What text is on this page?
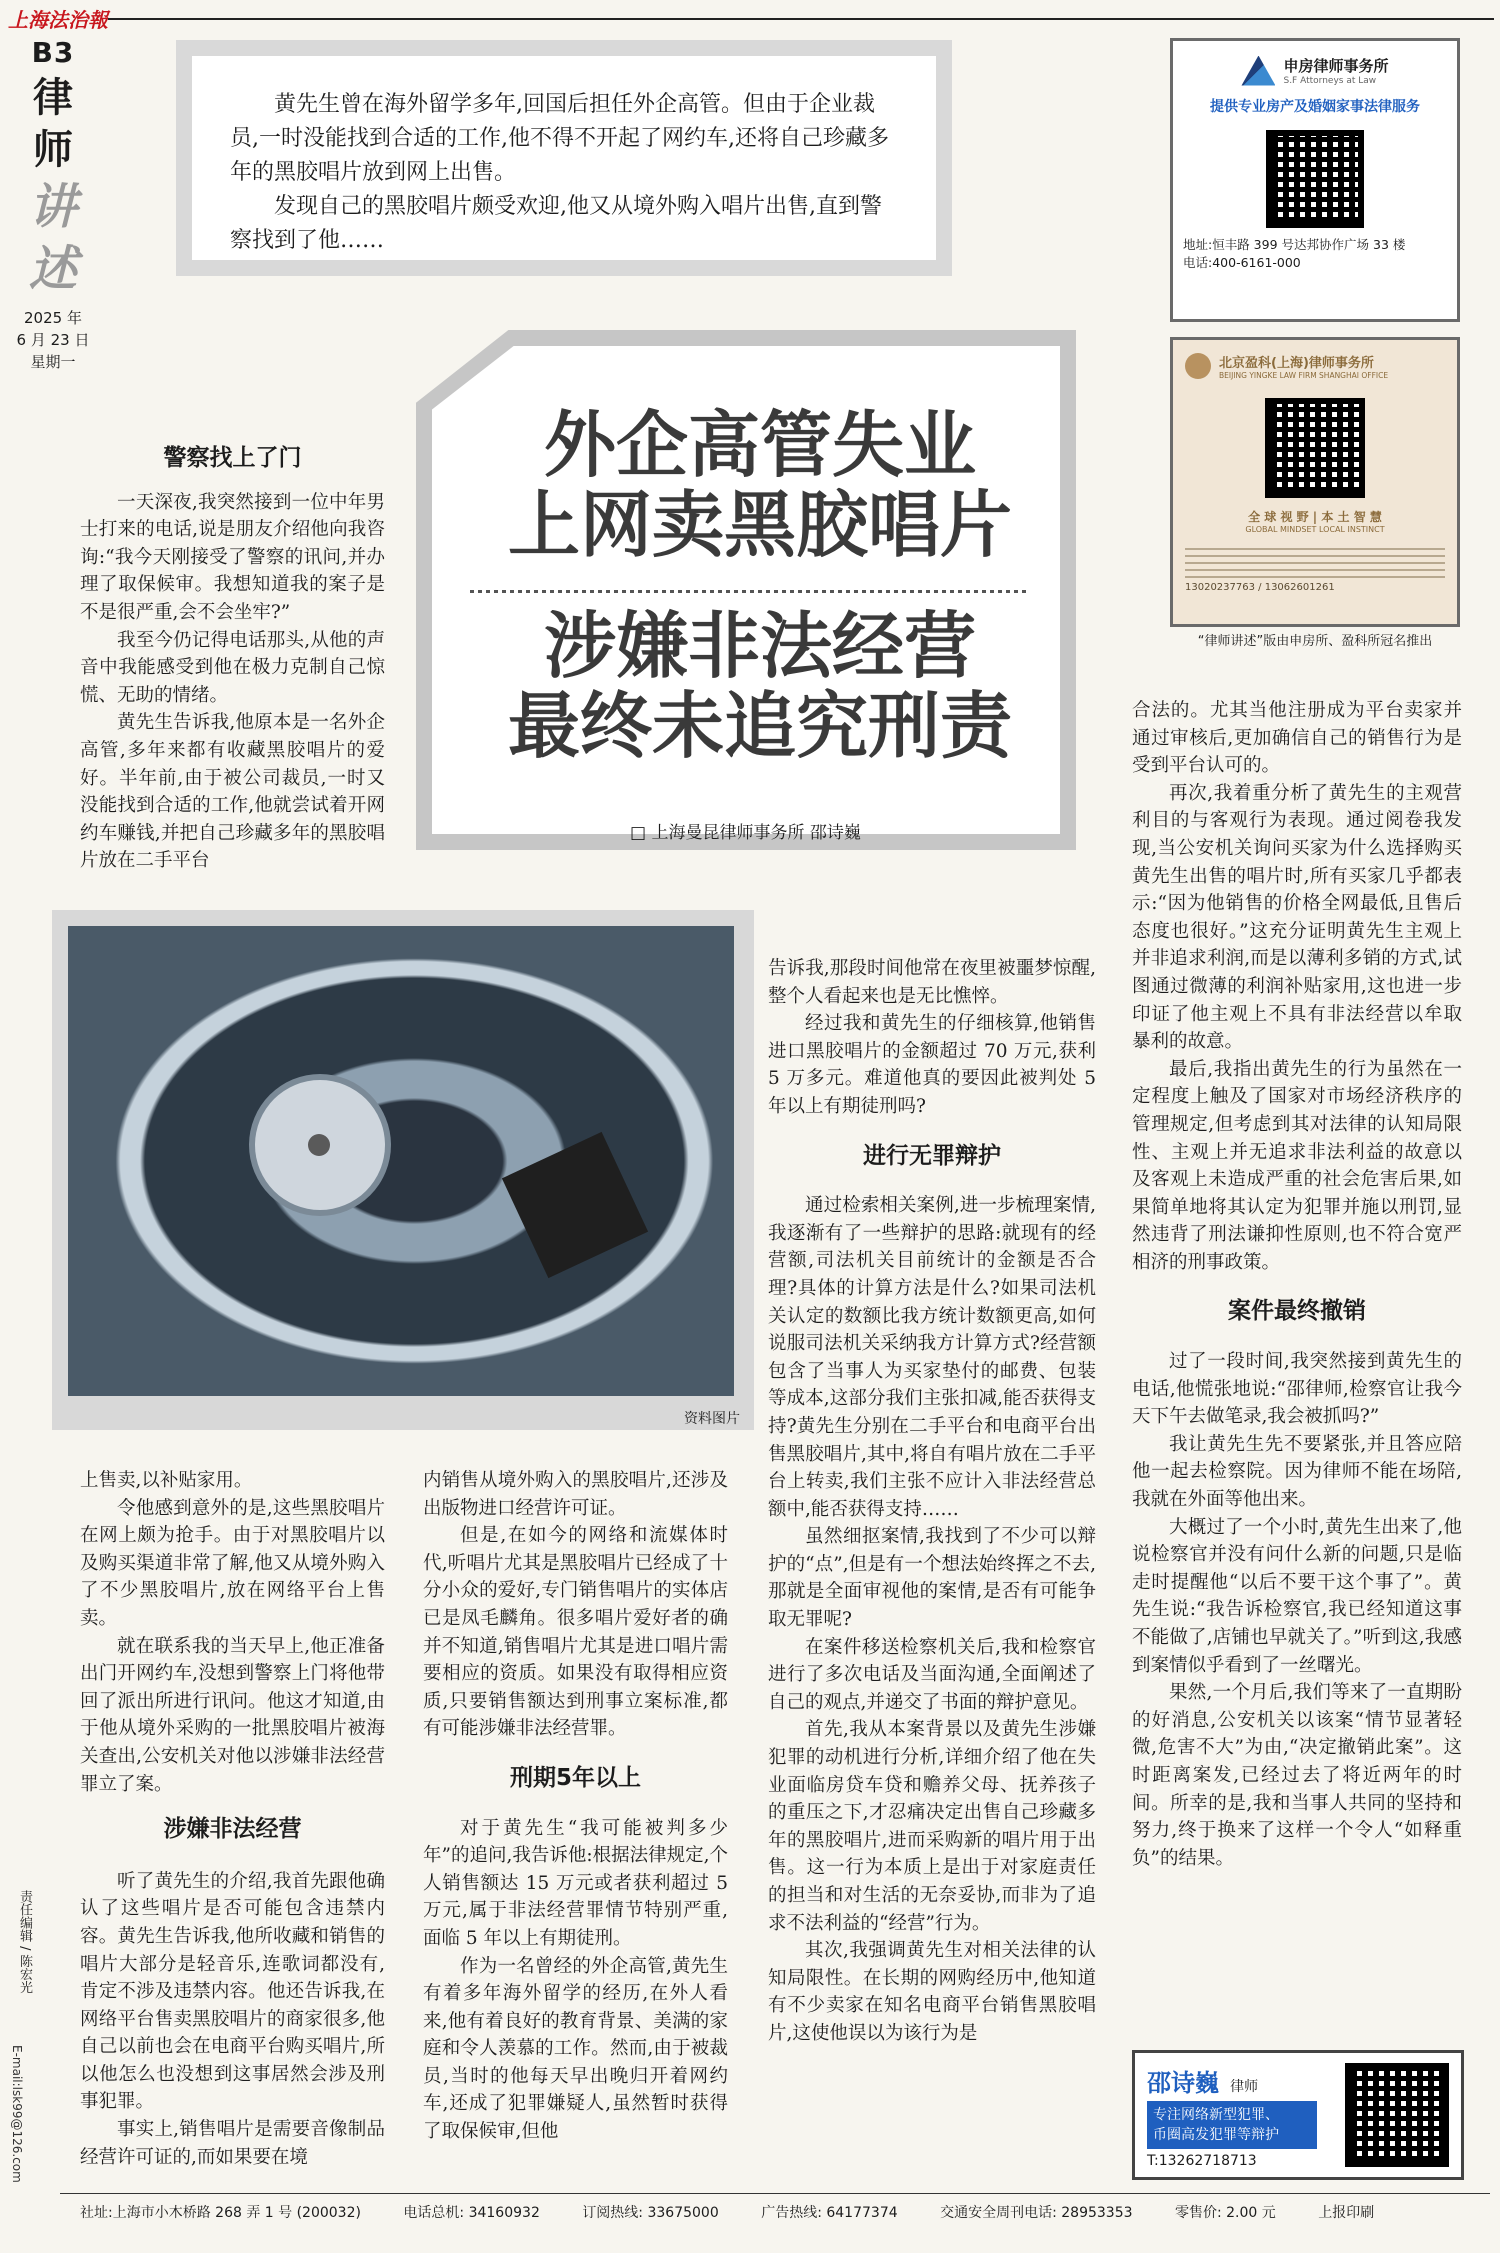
上海法治報
B3
律
师
讲
述
2025 年
6 月 23 日
星期一
责任编辑 / 陈宏光
E-mail:lsk99@126.com

黄先生曾在海外留学多年,回国后担任外企高管。但由于企业裁员,一时没能找到合适的工作,他不得不开起了网约车,还将自己珍藏多年的黑胶唱片放到网上出售。

发现自己的黑胶唱片颇受欢迎,他又从境外购入唱片出售,直到警察找到了他……

申房律师事务所
S.F Attorneys at Law
提供专业房产及婚姻家事法律服务
地址:恒丰路 399 号达邦协作广场 33 楼
电话:400-6161-000
北京盈科(上海)律师事务所
BEIJING YINGKE LAW FIRM SHANGHAI OFFICE
全 球 视 野 | 本 土 智 慧
GLOBAL MINDSET LOCAL INSTINCT
13020237763 / 13062601261
“律师讲述”版由申房所、盈科所冠名推出
外企高管失业
上网卖黑胶唱片
涉嫌非法经营
最终未追究刑责
□ 上海曼昆律师事务所 邵诗巍
资料图片
警察找上了门

一天深夜,我突然接到一位中年男士打来的电话,说是朋友介绍他向我咨询:“我今天刚接受了警察的讯问,并办理了取保候审。我想知道我的案子是不是很严重,会不会坐牢?”

我至今仍记得电话那头,从他的声音中我能感受到他在极力克制自己惊慌、无助的情绪。

黄先生告诉我,他原本是一名外企高管,多年来都有收藏黑胶唱片的爱好。半年前,由于被公司裁员,一时又没能找到合适的工作,他就尝试着开网约车赚钱,并把自己珍藏多年的黑胶唱片放在二手平台

上售卖,以补贴家用。

令他感到意外的是,这些黑胶唱片在网上颇为抢手。由于对黑胶唱片以及购买渠道非常了解,他又从境外购入了不少黑胶唱片,放在网络平台上售卖。

就在联系我的当天早上,他正准备出门开网约车,没想到警察上门将他带回了派出所进行讯问。他这才知道,由于他从境外采购的一批黑胶唱片被海关查出,公安机关对他以涉嫌非法经营罪立了案。

涉嫌非法经营

听了黄先生的介绍,我首先跟他确认了这些唱片是否可能包含违禁内容。黄先生告诉我,他所收藏和销售的唱片大部分是轻音乐,连歌词都没有,肯定不涉及违禁内容。他还告诉我,在网络平台售卖黑胶唱片的商家很多,他自己以前也会在电商平台购买唱片,所以他怎么也没想到这事居然会涉及刑事犯罪。

事实上,销售唱片是需要音像制品经营许可证的,而如果要在境

内销售从境外购入的黑胶唱片,还涉及出版物进口经营许可证。

但是,在如今的网络和流媒体时代,听唱片尤其是黑胶唱片已经成了十分小众的爱好,专门销售唱片的实体店已是凤毛麟角。很多唱片爱好者的确并不知道,销售唱片尤其是进口唱片需要相应的资质。如果没有取得相应资质,只要销售额达到刑事立案标准,都有可能涉嫌非法经营罪。

刑期5年以上

对于黄先生“我可能被判多少年”的追问,我告诉他:根据法律规定,个人销售额达 15 万元或者获利超过 5 万元,属于非法经营罪情节特别严重,面临 5 年以上有期徒刑。

作为一名曾经的外企高管,黄先生有着多年海外留学的经历,在外人看来,他有着良好的教育背景、美满的家庭和令人羡慕的工作。然而,由于被裁员,当时的他每天早出晚归开着网约车,还成了犯罪嫌疑人,虽然暂时获得了取保候审,但他

告诉我,那段时间他常在夜里被噩梦惊醒,整个人看起来也是无比憔悴。

经过我和黄先生的仔细核算,他销售进口黑胶唱片的金额超过 70 万元,获利 5 万多元。难道他真的要因此被判处 5 年以上有期徒刑吗?

进行无罪辩护

通过检索相关案例,进一步梳理案情,我逐渐有了一些辩护的思路:就现有的经营额,司法机关目前统计的金额是否合理?具体的计算方法是什么?如果司法机关认定的数额比我方统计数额更高,如何说服司法机关采纳我方计算方式?经营额包含了当事人为买家垫付的邮费、包装等成本,这部分我们主张扣减,能否获得支持?黄先生分别在二手平台和电商平台出售黑胶唱片,其中,将自有唱片放在二手平台上转卖,我们主张不应计入非法经营总额中,能否获得支持……

虽然细抠案情,我找到了不少可以辩护的“点”,但是有一个想法始终挥之不去,那就是全面审视他的案情,是否有可能争取无罪呢?

在案件移送检察机关后,我和检察官进行了多次电话及当面沟通,全面阐述了自己的观点,并递交了书面的辩护意见。

首先,我从本案背景以及黄先生涉嫌犯罪的动机进行分析,详细介绍了他在失业面临房贷车贷和赡养父母、抚养孩子的重压之下,才忍痛决定出售自己珍藏多年的黑胶唱片,进而采购新的唱片用于出售。这一行为本质上是出于对家庭责任的担当和对生活的无奈妥协,而非为了追求不法利益的“经营”行为。

其次,我强调黄先生对相关法律的认知局限性。在长期的网购经历中,他知道有不少卖家在知名电商平台销售黑胶唱片,这使他误以为该行为是

合法的。尤其当他注册成为平台卖家并通过审核后,更加确信自己的销售行为是受到平台认可的。

再次,我着重分析了黄先生的主观营利目的与客观行为表现。通过阅卷我发现,当公安机关询问买家为什么选择购买黄先生出售的唱片时,所有买家几乎都表示:“因为他销售的价格全网最低,且售后态度也很好。”这充分证明黄先生主观上并非追求利润,而是以薄利多销的方式,试图通过微薄的利润补贴家用,这也进一步印证了他主观上不具有非法经营以牟取暴利的故意。

最后,我指出黄先生的行为虽然在一定程度上触及了国家对市场经济秩序的管理规定,但考虑到其对法律的认知局限性、主观上并无追求非法利益的故意以及客观上未造成严重的社会危害后果,如果简单地将其认定为犯罪并施以刑罚,显然违背了刑法谦抑性原则,也不符合宽严相济的刑事政策。

案件最终撤销

过了一段时间,我突然接到黄先生的电话,他慌张地说:“邵律师,检察官让我今天下午去做笔录,我会被抓吗?”

我让黄先生先不要紧张,并且答应陪他一起去检察院。因为律师不能在场陪,我就在外面等他出来。

大概过了一个小时,黄先生出来了,他说检察官并没有问什么新的问题,只是临走时提醒他“以后不要干这个事了”。黄先生说:“我告诉检察官,我已经知道这事不能做了,店铺也早就关了。”听到这,我感到案情似乎看到了一丝曙光。

果然,一个月后,我们等来了一直期盼的好消息,公安机关以该案“情节显著轻微,危害不大”为由,“决定撤销此案”。这时距离案发,已经过去了将近两年的时间。所幸的是,我和当事人共同的坚持和努力,终于换来了这样一个令人“如释重负”的结果。

邵诗巍 律师
专注网络新型犯罪、
币圈高发犯罪等辩护
T:13262718713
社址:上海市小木桥路 268 弄 1 号 (200032)	电话总机: 34160932	订阅热线: 33675000	广告热线: 64177374	交通安全周刊电话: 28953353	零售价: 2.00 元	上报印刷
